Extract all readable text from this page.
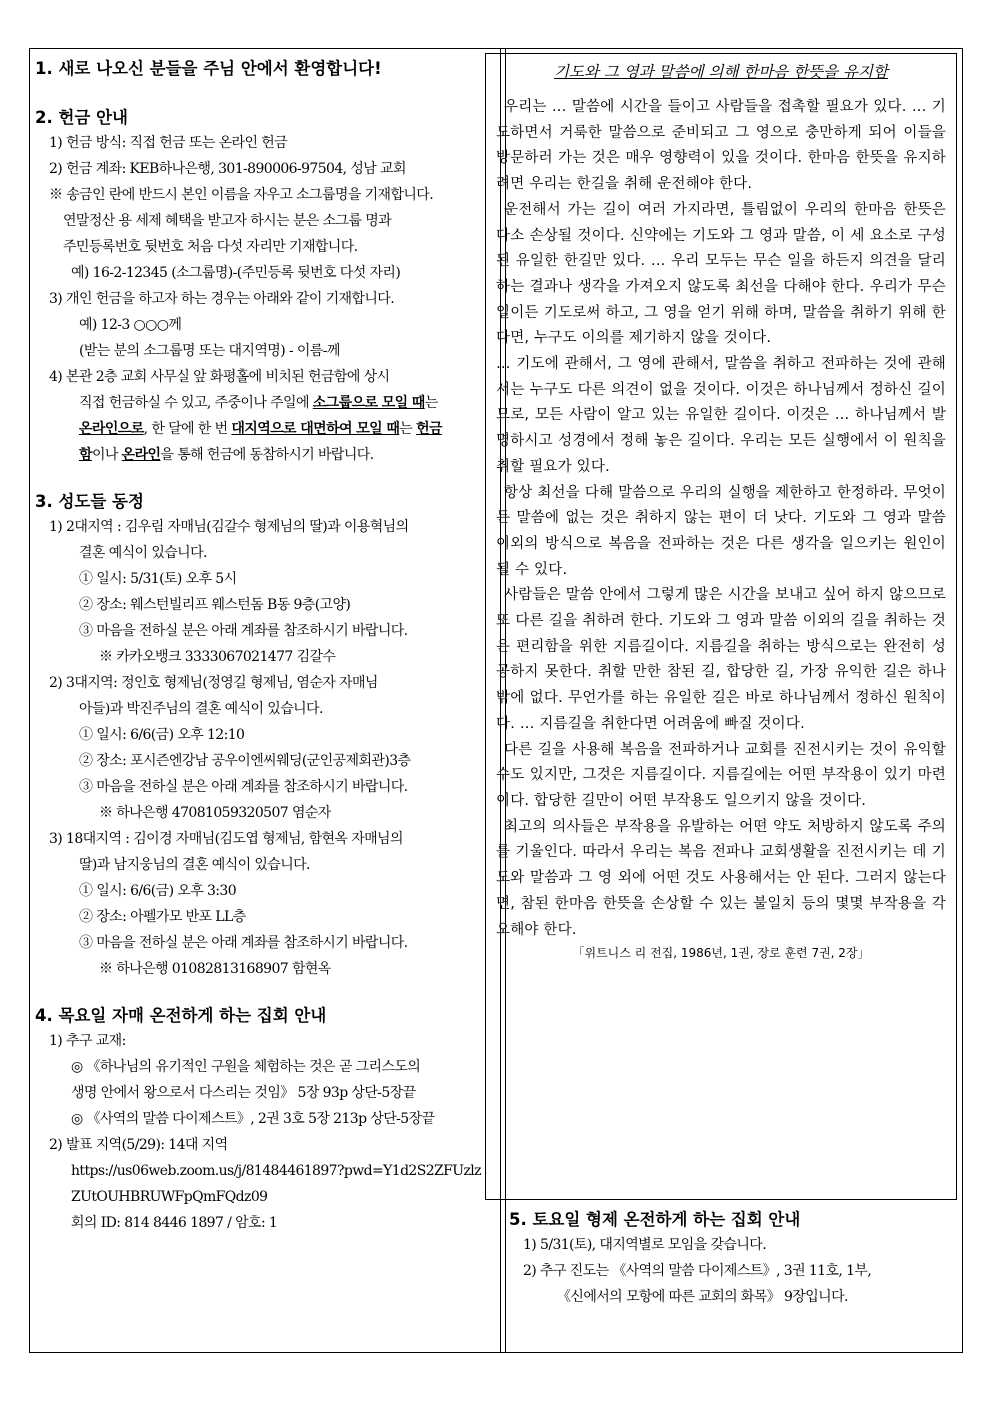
1. 새로 나오신 분들을 주님 안에서 환영합니다!
2. 헌금 안내
1) 헌금 방식: 직접 헌금 또는 온라인 헌금
2) 헌금 계좌: KEB하나은행, 301-890006-97504, 성남 교회
※ 송금인 란에 반드시 본인 이름을 자우고 소그룹명을 기재합니다.
연말정산 용 세제 혜택을 받고자 하시는 분은 소그룹 명과
주민등록번호 뒷번호 처음 다섯 자리만 기재합니다.
예) 16-2-12345 (소그룹명)-(주민등록 뒷번호 다섯 자리)
3) 개인 헌금을 하고자 하는 경우는 아래와 같이 기재합니다.
예) 12-3 ○○○께
(받는 분의 소그룹명 또는 대지역명) - 이름-께
4) 본관 2층 교회 사무실 앞 화평홀에 비치된 헌금함에 상시
직접 헌금하실 수 있고, 주중이나 주일에 소그룹으로 모일 때는
온라인으로, 한 달에 한 번 대지역으로 대면하여 모일 때는 헌금
함이나 온라인을 통해 헌금에 동참하시기 바랍니다.
3. 성도들 동정
1) 2대지역 : 김우림 자매님(김갈수 형제님의 딸)과 이용혁님의
결혼 예식이 있습니다.
① 일시: 5/31(토) 오후 5시
② 장소: 웨스턴빌리프 웨스턴돔 B동 9층(고양)
③ 마음을 전하실 분은 아래 계좌를 참조하시기 바랍니다.
※ 카카오뱅크 3333067021477 김갈수
2) 3대지역: 정인호 형제님(정영길 형제님, 염순자 자매님
아들)과 박진주님의 결혼 예식이 있습니다.
① 일시: 6/6(금) 오후 12:10
② 장소: 포시즌엔강남 공우이엔씨웨딩(군인공제회관)3층
③ 마음을 전하실 분은 아래 계좌를 참조하시기 바랍니다.
※ 하나은행 47081059320507 염순자
3) 18대지역 : 김이경 자매님(김도엽 형제님, 함현옥 자매님의
딸)과 남지웅님의 결혼 예식이 있습니다.
① 일시: 6/6(금) 오후 3:30
② 장소: 아펠가모 반포 LL층
③ 마음을 전하실 분은 아래 계좌를 참조하시기 바랍니다.
※ 하나은행 01082813168907 함현옥
4. 목요일 자매 온전하게 하는 집회 안내
1) 추구 교재:
◎ 《하나님의 유기적인 구원을 체험하는 것은 곧 그리스도의
생명 안에서 왕으로서 다스리는 것임》 5장 93p 상단-5장끝
◎ 《사역의 말씀 다이제스트》, 2권 3호 5장 213p 상단-5장끝
2) 발표 지역(5/29): 14대 지역
https://us06web.zoom.us/j/81484461897?pwd=Y1d2S2ZFUzlz
ZUtOUHBRUWFpQmFQdz09
회의 ID: 814 8446 1897 / 암호: 1
기도와 그 영과 말씀에 의해 한마음 한뜻을 유지함

우리는 … 말씀에 시간을 들이고 사람들을 접촉할 필요가 있다. … 기도하면서 거룩한 말씀으로 준비되고 그 영으로 충만하게 되어 이들을 방문하러 가는 것은 매우 영향력이 있을 것이다. 한마음 한뜻을 유지하려면 우리는 한길을 취해 운전해야 한다.

운전해서 가는 길이 여러 가지라면, 틀림없이 우리의 한마음 한뜻은 다소 손상될 것이다. 신약에는 기도와 그 영과 말씀, 이 세 요소로 구성된 유일한 한길만 있다. … 우리 모두는 무슨 일을 하든지 의견을 달리하는 결과나 생각을 가져오지 않도록 최선을 다해야 한다. 우리가 무슨 일이든 기도로써 하고, 그 영을 얻기 위해 하며, 말씀을 취하기 위해 한다면, 누구도 이의를 제기하지 않을 것이다.

… 기도에 관해서, 그 영에 관해서, 말씀을 취하고 전파하는 것에 관해서는 누구도 다른 의견이 없을 것이다. 이것은 하나님께서 정하신 길이므로, 모든 사람이 알고 있는 유일한 길이다. 이것은 … 하나님께서 발명하시고 성경에서 정해 놓은 길이다. 우리는 모든 실행에서 이 원칙을 취할 필요가 있다.

항상 최선을 다해 말씀으로 우리의 실행을 제한하고 한정하라. 무엇이든 말씀에 없는 것은 취하지 않는 편이 더 낫다. 기도와 그 영과 말씀 이외의 방식으로 복음을 전파하는 것은 다른 생각을 일으키는 원인이 될 수 있다.

사람들은 말씀 안에서 그렇게 많은 시간을 보내고 싶어 하지 않으므로 또 다른 길을 취하려 한다. 기도와 그 영과 말씀 이외의 길을 취하는 것은 편리함을 위한 지름길이다. 지름길을 취하는 방식으로는 완전히 성공하지 못한다. 취할 만한 참된 길, 합당한 길, 가장 유익한 길은 하나밖에 없다. 무언가를 하는 유일한 길은 바로 하나님께서 정하신 원칙이다. … 지름길을 취한다면 어려움에 빠질 것이다.

다른 길을 사용해 복음을 전파하거나 교회를 진전시키는 것이 유익할 수도 있지만, 그것은 지름길이다. 지름길에는 어떤 부작용이 있기 마련이다. 합당한 길만이 어떤 부작용도 일으키지 않을 것이다.

최고의 의사들은 부작용을 유발하는 어떤 약도 처방하지 않도록 주의를 기울인다. 따라서 우리는 복음 전파나 교회생활을 진전시키는 데 기도와 말씀과 그 영 외에 어떤 것도 사용해서는 안 된다. 그러지 않는다면, 참된 한마음 한뜻을 손상할 수 있는 불일치 등의 몇몇 부작용을 각오해야 한다.

「위트니스 리 전집, 1986년, 1권, 장로 훈련 7권, 2장」
5. 토요일 형제 온전하게 하는 집회 안내
1) 5/31(토), 대지역별로 모임을 갖습니다.
2) 추구 진도는 《사역의 말씀 다이제스트》, 3권 11호, 1부,
《신에서의 모항에 따른 교회의 화목》 9장입니다.
